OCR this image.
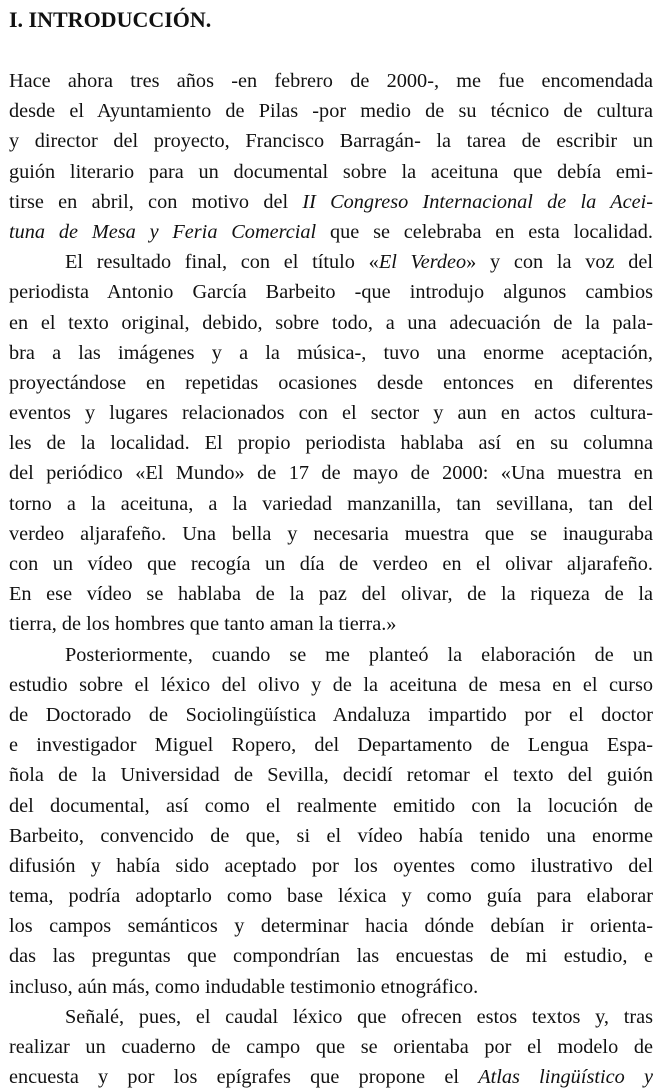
I. INTRODUCCIÓN.
Hace ahora tres años -en febrero de 2000-, me fue encomendada
desde el Ayuntamiento de Pilas -por medio de su técnico de cultura
y director del proyecto, Francisco Barragán- la tarea de escribir un
guión literario para un documental sobre la aceituna que debía emi-
tirse en abril, con motivo del II Congreso Internacional de la Acei-
tuna de Mesa y Feria Comercial que se celebraba en esta localidad.
El resultado final, con el título «El Verdeo» y con la voz del
periodista Antonio García Barbeito -que introdujo algunos cambios
en el texto original, debido, sobre todo, a una adecuación de la pala-
bra a las imágenes y a la música-, tuvo una enorme aceptación,
proyectándose en repetidas ocasiones desde entonces en diferentes
eventos y lugares relacionados con el sector y aun en actos cultura-
les de la localidad. El propio periodista hablaba así en su columna
del periódico «El Mundo» de 17 de mayo de 2000: «Una muestra en
torno a la aceituna, a la variedad manzanilla, tan sevillana, tan del
verdeo aljarafeño. Una bella y necesaria muestra que se inauguraba
con un vídeo que recogía un día de verdeo en el olivar aljarafeño.
En ese vídeo se hablaba de la paz del olivar, de la riqueza de la
tierra, de los hombres que tanto aman la tierra.»
Posteriormente, cuando se me planteó la elaboración de un
estudio sobre el léxico del olivo y de la aceituna de mesa en el curso
de Doctorado de Sociolingüística Andaluza impartido por el doctor
e investigador Miguel Ropero, del Departamento de Lengua Espa-
ñola de la Universidad de Sevilla, decidí retomar el texto del guión
del documental, así como el realmente emitido con la locución de
Barbeito, convencido de que, si el vídeo había tenido una enorme
difusión y había sido aceptado por los oyentes como ilustrativo del
tema, podría adoptarlo como base léxica y como guía para elaborar
los campos semánticos y determinar hacia dónde debían ir orienta-
das las preguntas que compondrían las encuestas de mi estudio, e
incluso, aún más, como indudable testimonio etnográfico.
Señalé, pues, el caudal léxico que ofrecen estos textos y, tras
realizar un cuaderno de campo que se orientaba por el modelo de
encuesta y por los epígrafes que propone el Atlas lingüístico y
